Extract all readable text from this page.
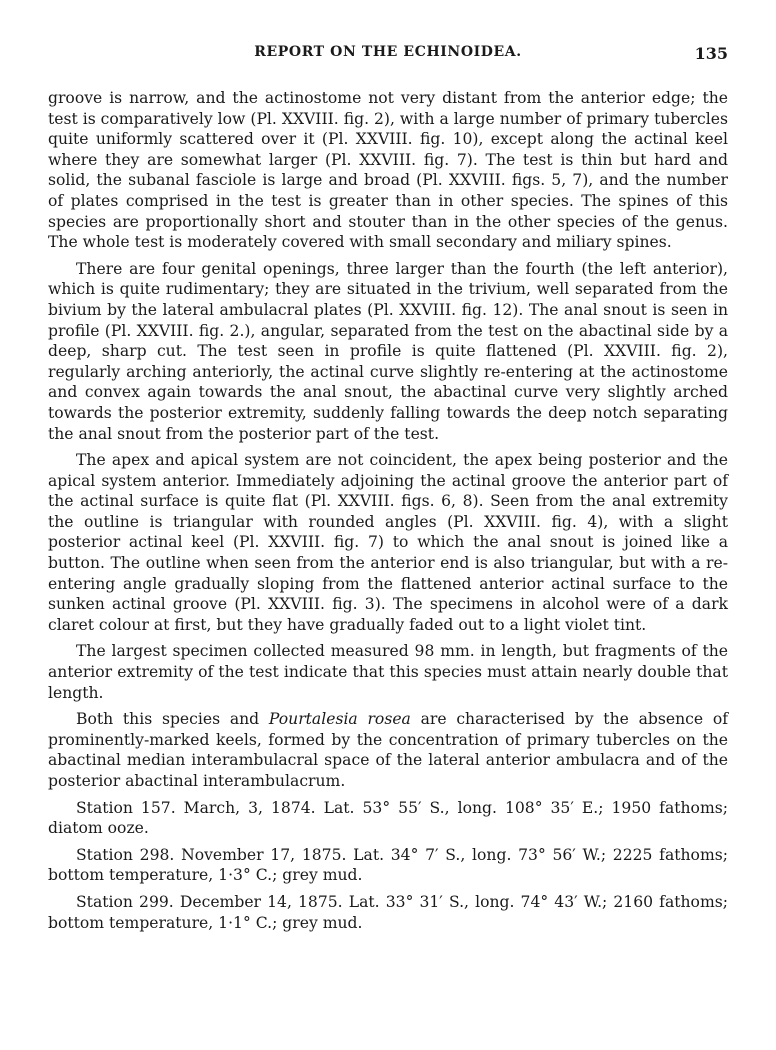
REPORT ON THE ECHINOIDEA.	135

groove is narrow, and the actinostome not very distant from the anterior edge; the test is comparatively low (Pl. XXVIII. fig. 2), with a large number of primary tubercles quite uniformly scattered over it (Pl. XXVIII. fig. 10), except along the actinal keel where they are somewhat larger (Pl. XXVIII. fig. 7). The test is thin but hard and solid, the subanal fasciole is large and broad (Pl. XXVIII. figs. 5, 7), and the number of plates comprised in the test is greater than in other species. The spines of this species are proportionally short and stouter than in the other species of the genus. The whole test is moderately covered with small secondary and miliary spines.

There are four genital openings, three larger than the fourth (the left anterior), which is quite rudimentary; they are situated in the trivium, well separated from the bivium by the lateral ambulacral plates (Pl. XXVIII. fig. 12). The anal snout is seen in profile (Pl. XXVIII. fig. 2.), angular, separated from the test on the abactinal side by a deep, sharp cut. The test seen in profile is quite flattened (Pl. XXVIII. fig. 2), regularly arching anteriorly, the actinal curve slightly re-entering at the actinostome and convex again towards the anal snout, the abactinal curve very slightly arched towards the posterior extremity, suddenly falling towards the deep notch separating the anal snout from the posterior part of the test.

The apex and apical system are not coincident, the apex being posterior and the apical system anterior. Immediately adjoining the actinal groove the anterior part of the actinal surface is quite flat (Pl. XXVIII. figs. 6, 8). Seen from the anal extremity the outline is triangular with rounded angles (Pl. XXVIII. fig. 4), with a slight posterior actinal keel (Pl. XXVIII. fig. 7) to which the anal snout is joined like a button. The outline when seen from the anterior end is also triangular, but with a re-entering angle gradually sloping from the flattened anterior actinal surface to the sunken actinal groove (Pl. XXVIII. fig. 3). The specimens in alcohol were of a dark claret colour at first, but they have gradually faded out to a light violet tint.

The largest specimen collected measured 98 mm. in length, but fragments of the anterior extremity of the test indicate that this species must attain nearly double that length.

Both this species and Pourtalesia rosea are characterised by the absence of prominently-marked keels, formed by the concentration of primary tubercles on the abactinal median interambulacral space of the lateral anterior ambulacra and of the posterior abactinal interambulacrum.

Station 157. March, 3, 1874. Lat. 53° 55′ S., long. 108° 35′ E.; 1950 fathoms; diatom ooze.

Station 298. November 17, 1875. Lat. 34° 7′ S., long. 73° 56′ W.; 2225 fathoms; bottom temperature, 1·3° C.; grey mud.

Station 299. December 14, 1875. Lat. 33° 31′ S., long. 74° 43′ W.; 2160 fathoms; bottom temperature, 1·1° C.; grey mud.
